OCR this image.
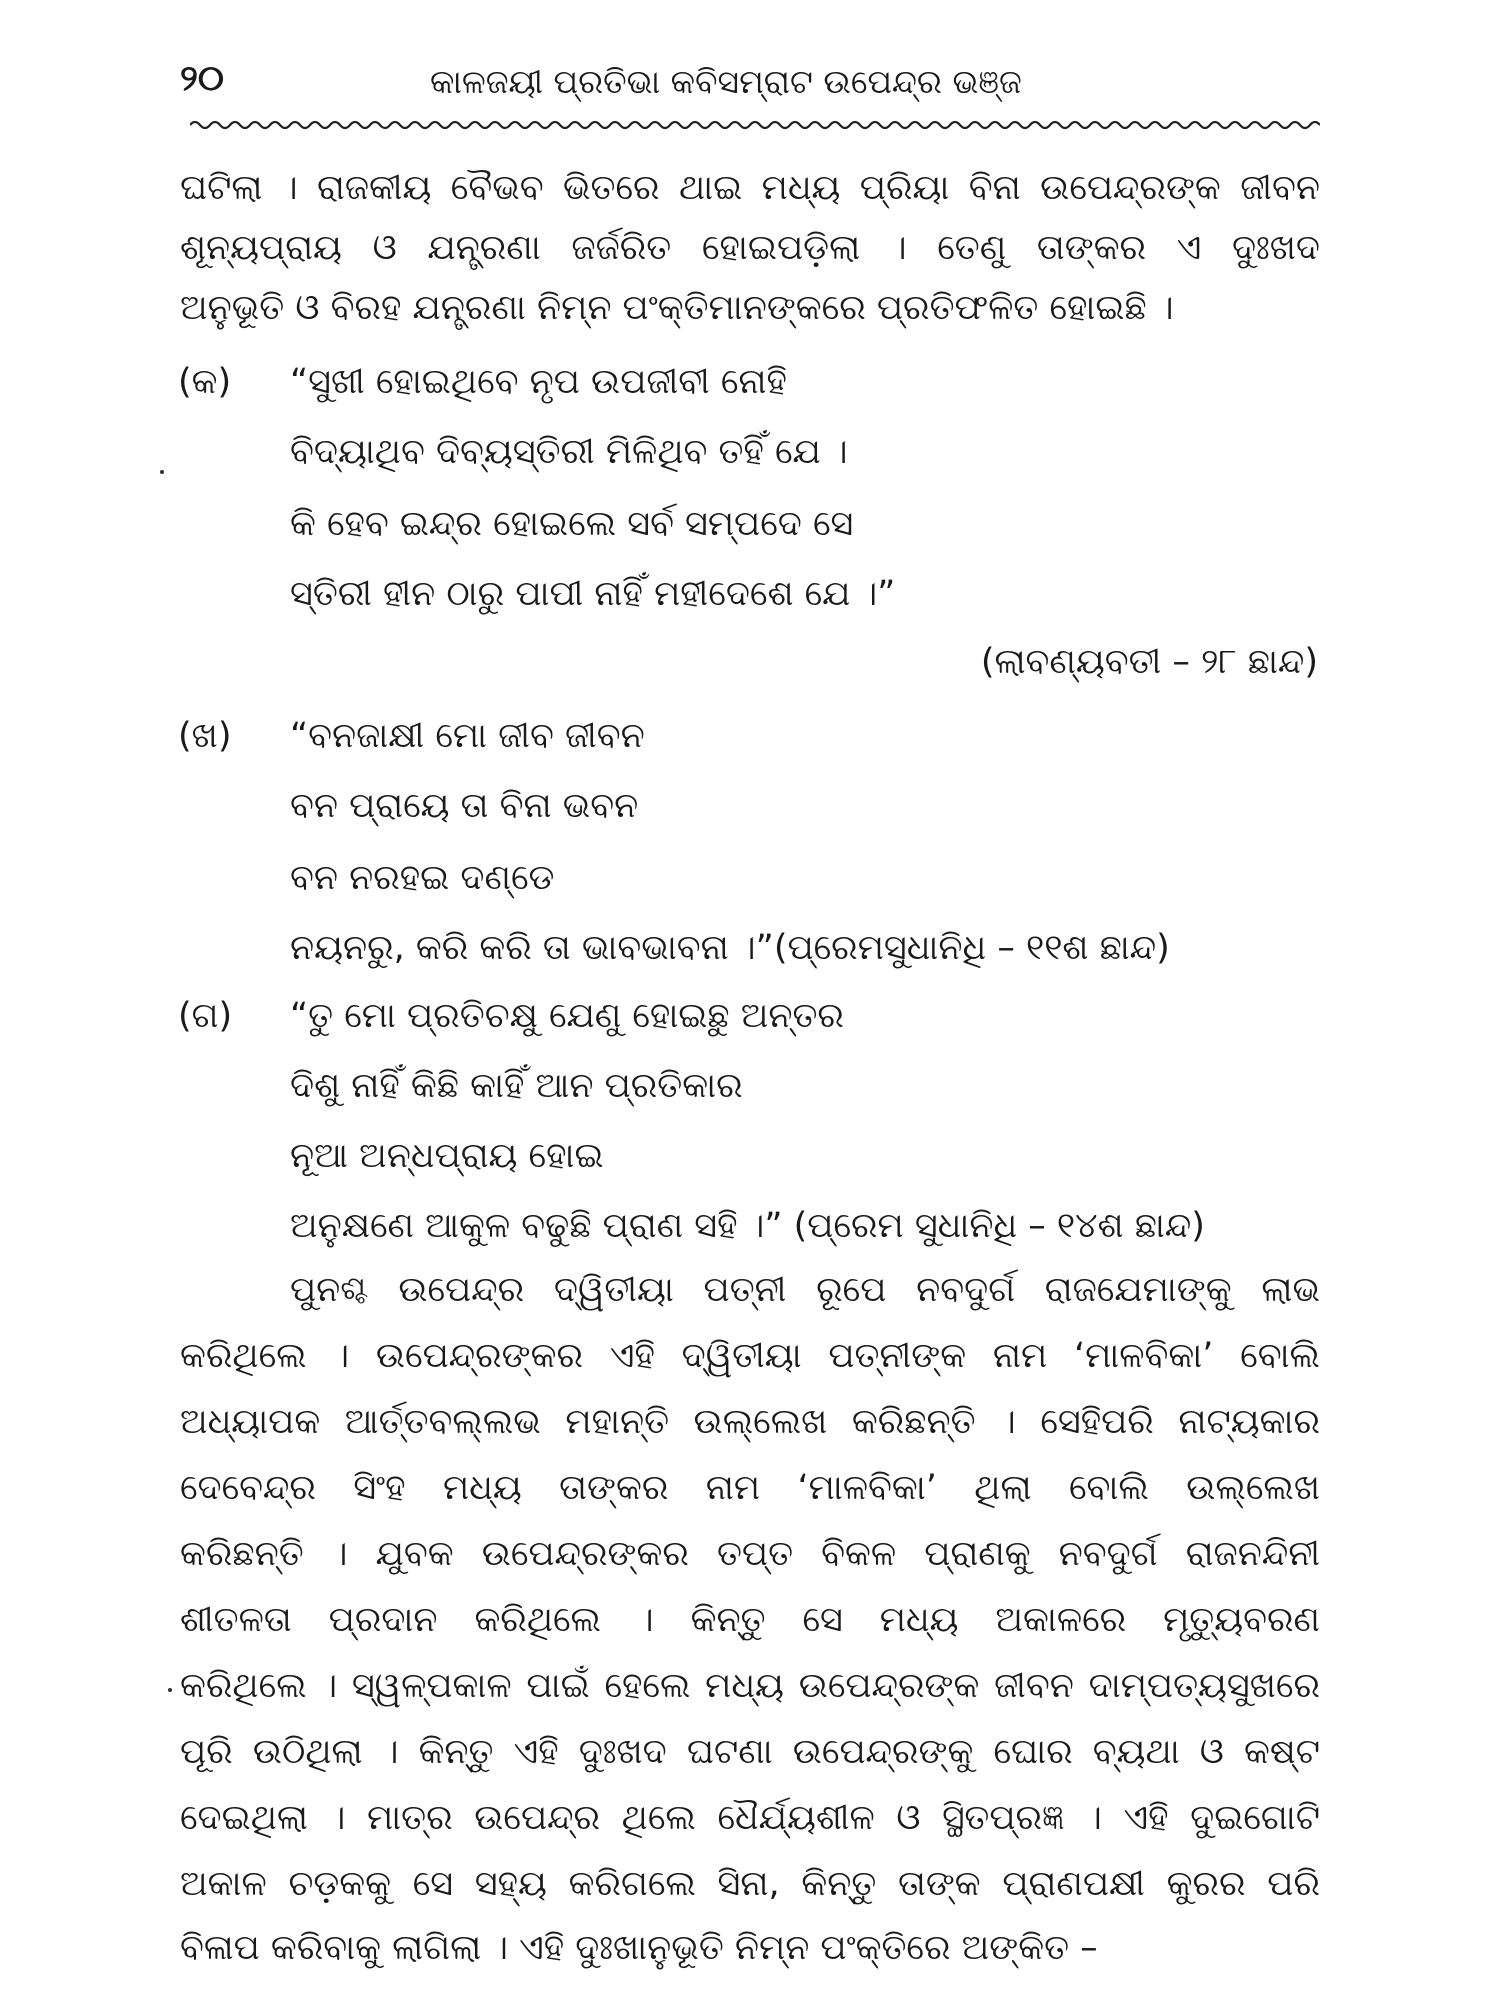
୨୦	କାଳଜୟୀ ପ୍ରତିଭା କବିସମ୍ରାଟ ଉପେନ୍ଦ୍ର ଭଞ୍ଜ
ଘଟିଲା । ରାଜକୀୟ ବୈଭବ ଭିତରେ ଥାଇ ମଧ୍ୟ ପ୍ରିୟା ବିନା ଉପେନ୍ଦ୍ରଙ୍କ ଜୀବନ
ଶୂନ୍ୟପ୍ରାୟ ଓ ଯନ୍ତ୍ରଣା ଜର୍ଜରିତ ହୋଇପଡ଼ିଲା । ତେଣୁ ତାଙ୍କର ଏ ଦୁଃଖଦ
ଅନୁଭୂତି ଓ ବିରହ ଯନ୍ତ୍ରଣା ନିମ୍ନ ପଂକ୍ତିମାନଙ୍କରେ ପ୍ରତିଫଳିତ ହୋଇଛି ।
(କ) “ସୁଖୀ ହୋଇଥିବେ ନୃପ ଉପଜୀବୀ ନୋହି
ବିଦ୍ୟାଥିବ ଦିବ୍ୟସ୍ତିରୀ ମିଳିଥିବ ତହିଁ ଯେ ।
କି ହେବ ଇନ୍ଦ୍ର ହୋଇଲେ ସର୍ବ ସମ୍ପଦେ ସେ
ସ୍ତିରୀ ହୀନ ଠାରୁ ପାପୀ ନାହିଁ ମହୀଦେଶେ ଯେ ।”
(ଲାବଣ୍ୟବତୀ – ୨୮ ଛାନ୍ଦ)
(ଖ) “ବନଜାକ୍ଷୀ ମୋ ଜୀବ ଜୀବନ
ବନ ପ୍ରାୟେ ତା ବିନା ଭବନ
ବନ ନରହଇ ଦଣ୍ଡେ
ନୟନରୁ, କରି କରି ତା ଭାବଭାବନା ।”(ପ୍ରେମସୁଧାନିଧି – ୧୧ଶ ଛାନ୍ଦ)
(ଗ) “ତୁ ମୋ ପ୍ରତିଚକ୍ଷୁ ଯେଣୁ ହୋଇଛୁ ଅନ୍ତର
ଦିଶୁ ନାହିଁ କିଛି କାହିଁ ଆନ ପ୍ରତିକାର
ନୂଆ ଅନ୍ଧପ୍ରାୟ ହୋଇ
ଅନୁକ୍ଷଣେ ଆକୁଳ ବଢୁଛି ପ୍ରାଣ ସହି ।” (ପ୍ରେମ ସୁଧାନିଧି – ୧୪ଶ ଛାନ୍ଦ)
ପୁନଶ୍ଚ ଉପେନ୍ଦ୍ର ଦ୍ୱିତୀୟା ପତ୍ନୀ ରୂପେ ନବଦୁର୍ଗ ରାଜଯେମାଙ୍କୁ ଲାଭ
କରିଥିଲେ । ଉପେନ୍ଦ୍ରଙ୍କର ଏହି ଦ୍ୱିତୀୟା ପତ୍ନୀଙ୍କ ନାମ ‘ମାଳବିକା’ ବୋଲି
ଅଧ୍ୟାପକ ଆର୍ତ୍ତବଲ୍ଲଭ ମହାନ୍ତି ଉଲ୍ଲେଖ କରିଛନ୍ତି । ସେହିପରି ନାଟ୍ୟକାର
ଦେବେନ୍ଦ୍ର ସିଂହ ମଧ୍ୟ ତାଙ୍କର ନାମ ‘ମାଳବିକା’ ଥିଲା ବୋଲି ଉଲ୍ଲେଖ
କରିଛନ୍ତି । ଯୁବକ ଉପେନ୍ଦ୍ରଙ୍କର ତପ୍ତ ବିକଳ ପ୍ରାଣକୁ ନବଦୁର୍ଗ ରାଜନନ୍ଦିନୀ
ଶୀତଳତା ପ୍ରଦାନ କରିଥିଲେ । କିନ୍ତୁ ସେ ମଧ୍ୟ ଅକାଳରେ ମୃତ୍ୟୁବରଣ
କରିଥିଲେ । ସ୍ୱଳ୍ପକାଳ ପାଇଁ ହେଲେ ମଧ୍ୟ ଉପେନ୍ଦ୍ରଙ୍କ ଜୀବନ ଦାମ୍ପତ୍ୟସୁଖରେ
ପୂରି ଉଠିଥିଲା । କିନ୍ତୁ ଏହି ଦୁଃଖଦ ଘଟଣା ଉପେନ୍ଦ୍ରଙ୍କୁ ଘୋର ବ୍ୟଥା ଓ କଷ୍ଟ
ଦେଇଥିଲା । ମାତ୍ର ଉପେନ୍ଦ୍ର ଥିଲେ ଧୈର୍ଯ୍ୟଶୀଳ ଓ ସ୍ଥିତପ୍ରଜ୍ଞ । ଏହି ଦୁଇଗୋଟି
ଅକାଳ ଚଡ଼କକୁ ସେ ସହ୍ୟ କରିଗଲେ ସିନା, କିନ୍ତୁ ତାଙ୍କ ପ୍ରାଣପକ୍ଷୀ କୁରର ପରି
ବିଳାପ କରିବାକୁ ଲାଗିଲା । ଏହି ଦୁଃଖାନୁଭୂତି ନିମ୍ନ ପଂକ୍ତିରେ ଅଙ୍କିତ –
